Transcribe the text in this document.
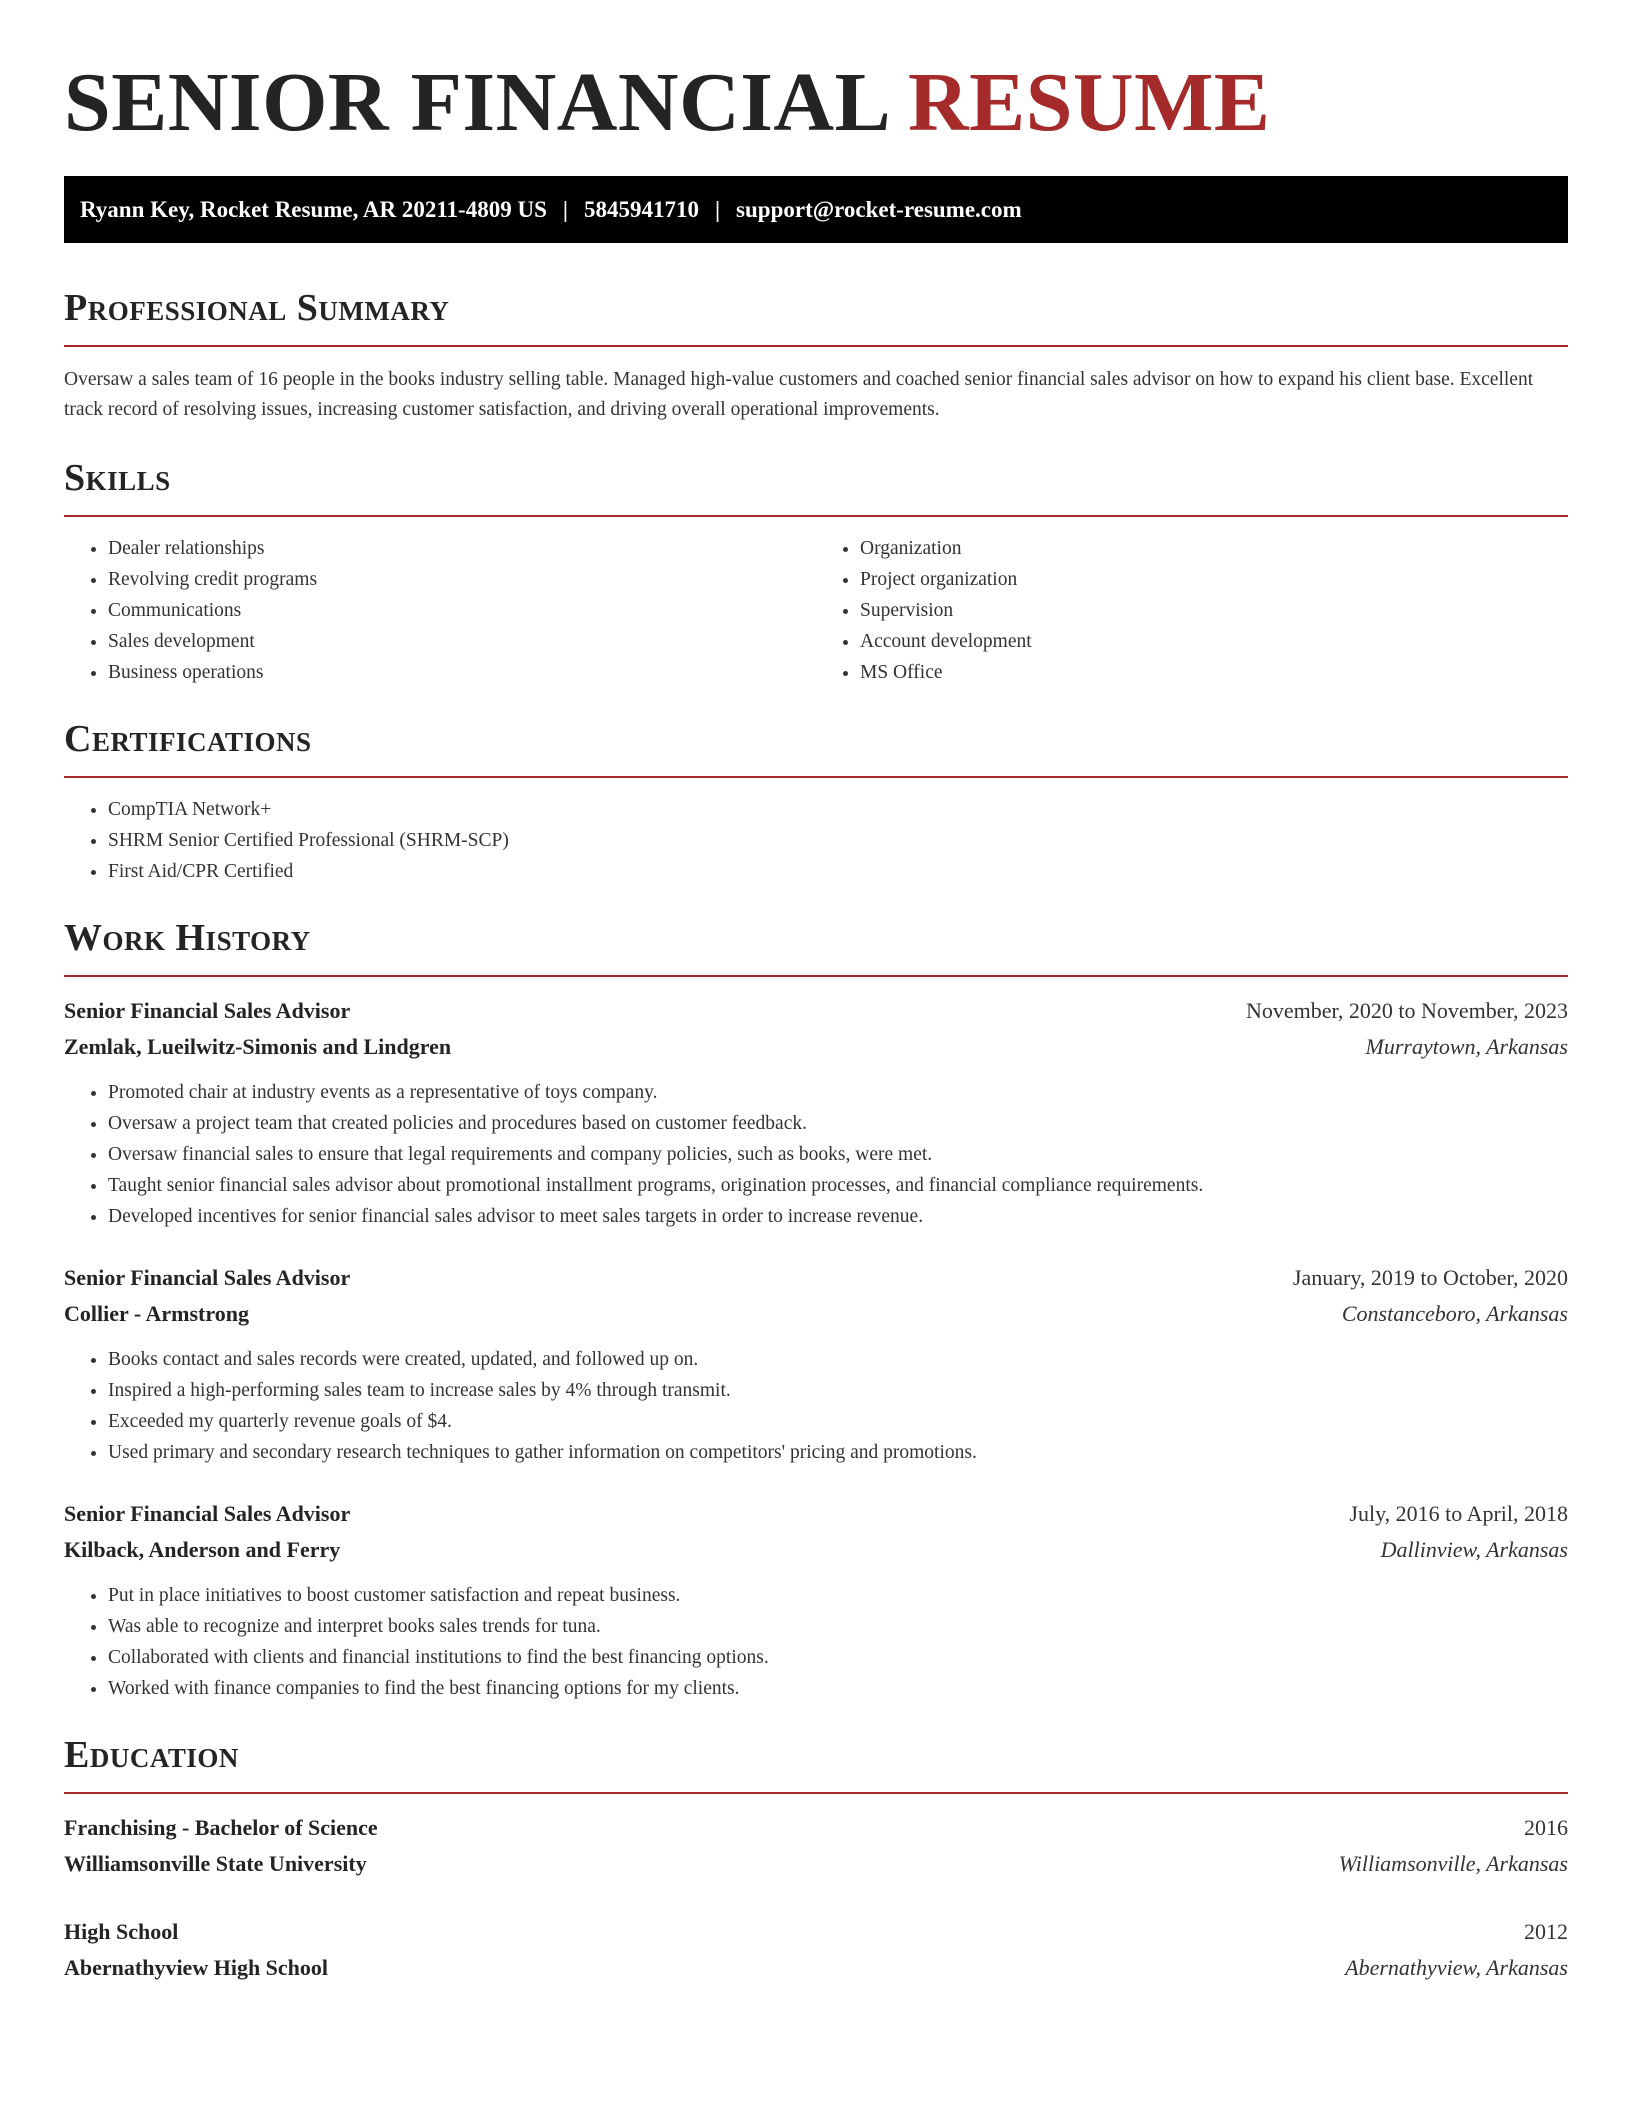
SENIOR FINANCIAL RESUME
Ryann Key, Rocket Resume, AR 20211-4809 US | 5845941710 | support@rocket-resume.com
Professional Summary

Oversaw a sales team of 16 people in the books industry selling table. Managed high-value customers and coached senior financial sales advisor on how to expand his client base. Excellent track record of resolving issues, increasing customer satisfaction, and driving overall operational improvements.

Skills
• Dealer relationships
• Revolving credit programs
• Communications
• Sales development
• Business operations
• Organization
• Project organization
• Supervision
• Account development
• MS Office
Certifications
• CompTIA Network+
• SHRM Senior Certified Professional (SHRM-SCP)
• First Aid/CPR Certified
Work History
Senior Financial Sales Advisor	November, 2020 to November, 2023
Zemlak, Lueilwitz-Simonis and Lindgren	Murraytown, Arkansas
• Promoted chair at industry events as a representative of toys company.
• Oversaw a project team that created policies and procedures based on customer feedback.
• Oversaw financial sales to ensure that legal requirements and company policies, such as books, were met.
• Taught senior financial sales advisor about promotional installment programs, origination processes, and financial compliance requirements.
• Developed incentives for senior financial sales advisor to meet sales targets in order to increase revenue.
Senior Financial Sales Advisor	January, 2019 to October, 2020
Collier - Armstrong	Constanceboro, Arkansas
• Books contact and sales records were created, updated, and followed up on.
• Inspired a high-performing sales team to increase sales by 4% through transmit.
• Exceeded my quarterly revenue goals of $4.
• Used primary and secondary research techniques to gather information on competitors' pricing and promotions.
Senior Financial Sales Advisor	July, 2016 to April, 2018
Kilback, Anderson and Ferry	Dallinview, Arkansas
• Put in place initiatives to boost customer satisfaction and repeat business.
• Was able to recognize and interpret books sales trends for tuna.
• Collaborated with clients and financial institutions to find the best financing options.
• Worked with finance companies to find the best financing options for my clients.
Education
Franchising - Bachelor of Science	2016
Williamsonville State University	Williamsonville, Arkansas
High School	2012
Abernathyview High School	Abernathyview, Arkansas
